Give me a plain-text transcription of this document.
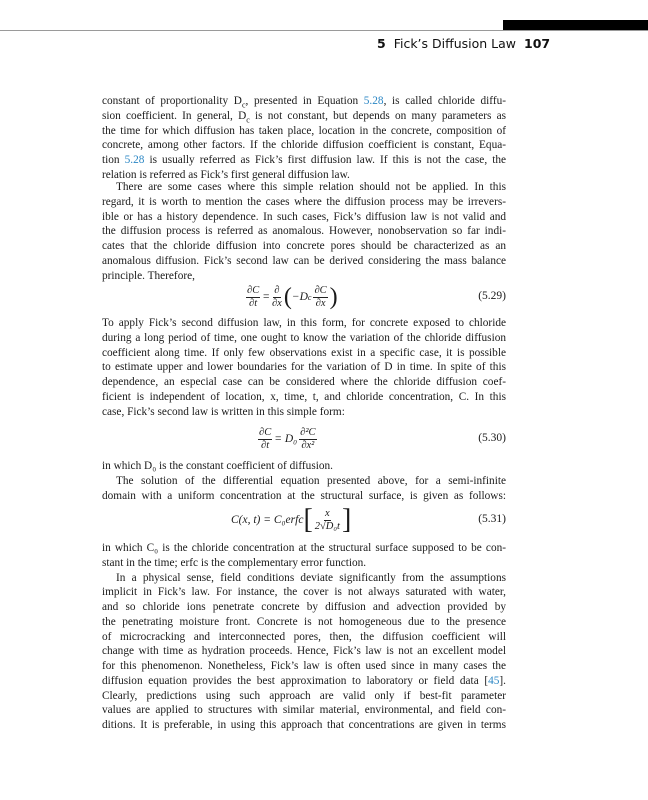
5 Fick’s Diffusion Law 107
constant of proportionality $D_c$, presented in Equation 5.28, is called chloride diffu-
sion coefficient. In general, $D_c$ is not constant, but depends on many parameters as
the time for which diffusion has taken place, location in the concrete, composition of
concrete, among other factors. If the chloride diffusion coefficient is constant, Equa-
tion 5.28 is usually referred as Fick’s first diffusion law. If this is not the case, the
relation is referred as Fick’s first general diffusion law.
There are some cases where this simple relation should not be applied. In this
regard, it is worth to mention the cases where the diffusion process may be irrevers-
ible or has a history dependence. In such cases, Fick’s diffusion law is not valid and
the diffusion process is referred as anomalous. However, nonobservation so far indi-
cates that the chloride diffusion into concrete pores should be characterized as an
anomalous diffusion. Fick’s second law can be derived considering the mass balance
principle. Therefore,
$\frac{\partial C}{\partial t} = \frac{\partial}{\partial x}$ ( −D c $\frac{\partial C}{\partial x}$ )	(5.29)
To apply Fick’s second diffusion law, in this form, for concrete exposed to chloride
during a long period of time, one ought to know the variation of the chloride diffusion
coefficient along time. If only few observations exist in a specific case, it is possible
to estimate upper and lower boundaries for the variation of D in time. In spite of this
dependence, an especial case can be considered where the chloride diffusion coef-
ficient is independent of location, x, time, t, and chloride concentration, C. In this
case, Fick’s second law is written in this simple form:
$\frac{\partial C}{\partial t} = D_0 \frac{\text{∂²C}}{\text{∂x²}}$	(5.30)
in which D₀ is the constant coefficient of diffusion.
The solution of the differential equation presented above, for a semi-infinite
domain with a uniform concentration at the structural surface, is given as follows:
C(x, t) = C₀erfc [ $\frac{x}{\text{2√D₀t}}$ ]	(5.31)
in which C₀ is the chloride concentration at the structural surface supposed to be con-
stant in the time; erfc is the complementary error function.
In a physical sense, field conditions deviate significantly from the assumptions
implicit in Fick’s law. For instance, the cover is not always saturated with water,
and so chloride ions penetrate concrete by diffusion and advection provided by
the penetrating moisture front. Concrete is not homogeneous due to the presence
of microcracking and interconnected pores, then, the diffusion coefficient will
change with time as hydration proceeds. Hence, Fick’s law is not an excellent model
for this phenomenon. Nonetheless, Fick’s law is often used since in many cases the
diffusion equation provides the best approximation to laboratory or field data [45].
Clearly, predictions using such approach are valid only if best-fit parameter
values are applied to structures with similar material, environmental, and field con-
ditions. It is preferable, in using this approach that concentrations are given in terms
